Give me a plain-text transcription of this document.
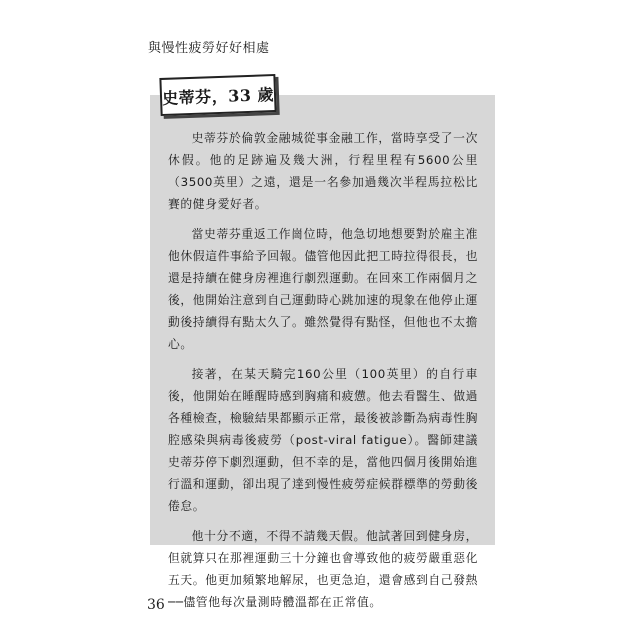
與慢性疲勞好好相處
史蒂芬，33 歲

史蒂芬於倫敦金融城從事金融工作，當時享受了一次休假。他的足跡遍及幾大洲，行程里程有5600公里（3500英里）之遠，還是一名參加過幾次半程馬拉松比賽的健身愛好者。

當史蒂芬重返工作崗位時，他急切地想要對於雇主准他休假這件事給予回報。儘管他因此把工時拉得很長，也還是持續在健身房裡進行劇烈運動。在回來工作兩個月之後，他開始注意到自己運動時心跳加速的現象在他停止運動後持續得有點太久了。雖然覺得有點怪，但他也不太擔心。

接著，在某天騎完160公里（100英里）的自行車後，他開始在睡醒時感到胸痛和疲憊。他去看醫生、做過各種檢查，檢驗結果都顯示正常，最後被診斷為病毒性胸腔感染與病毒後疲勞（post-viral fatigue）。醫師建議史蒂芬停下劇烈運動，但不幸的是，當他四個月後開始進行溫和運動，卻出現了達到慢性疲勞症候群標準的勞動後倦怠。

他十分不適，不得不請幾天假。他試著回到健身房，但就算只在那裡運動三十分鐘也會導致他的疲勞嚴重惡化五天。他更加頻繁地解尿，也更急迫，還會感到自己發熱──儘管他每次量測時體溫都在正常值。

36
